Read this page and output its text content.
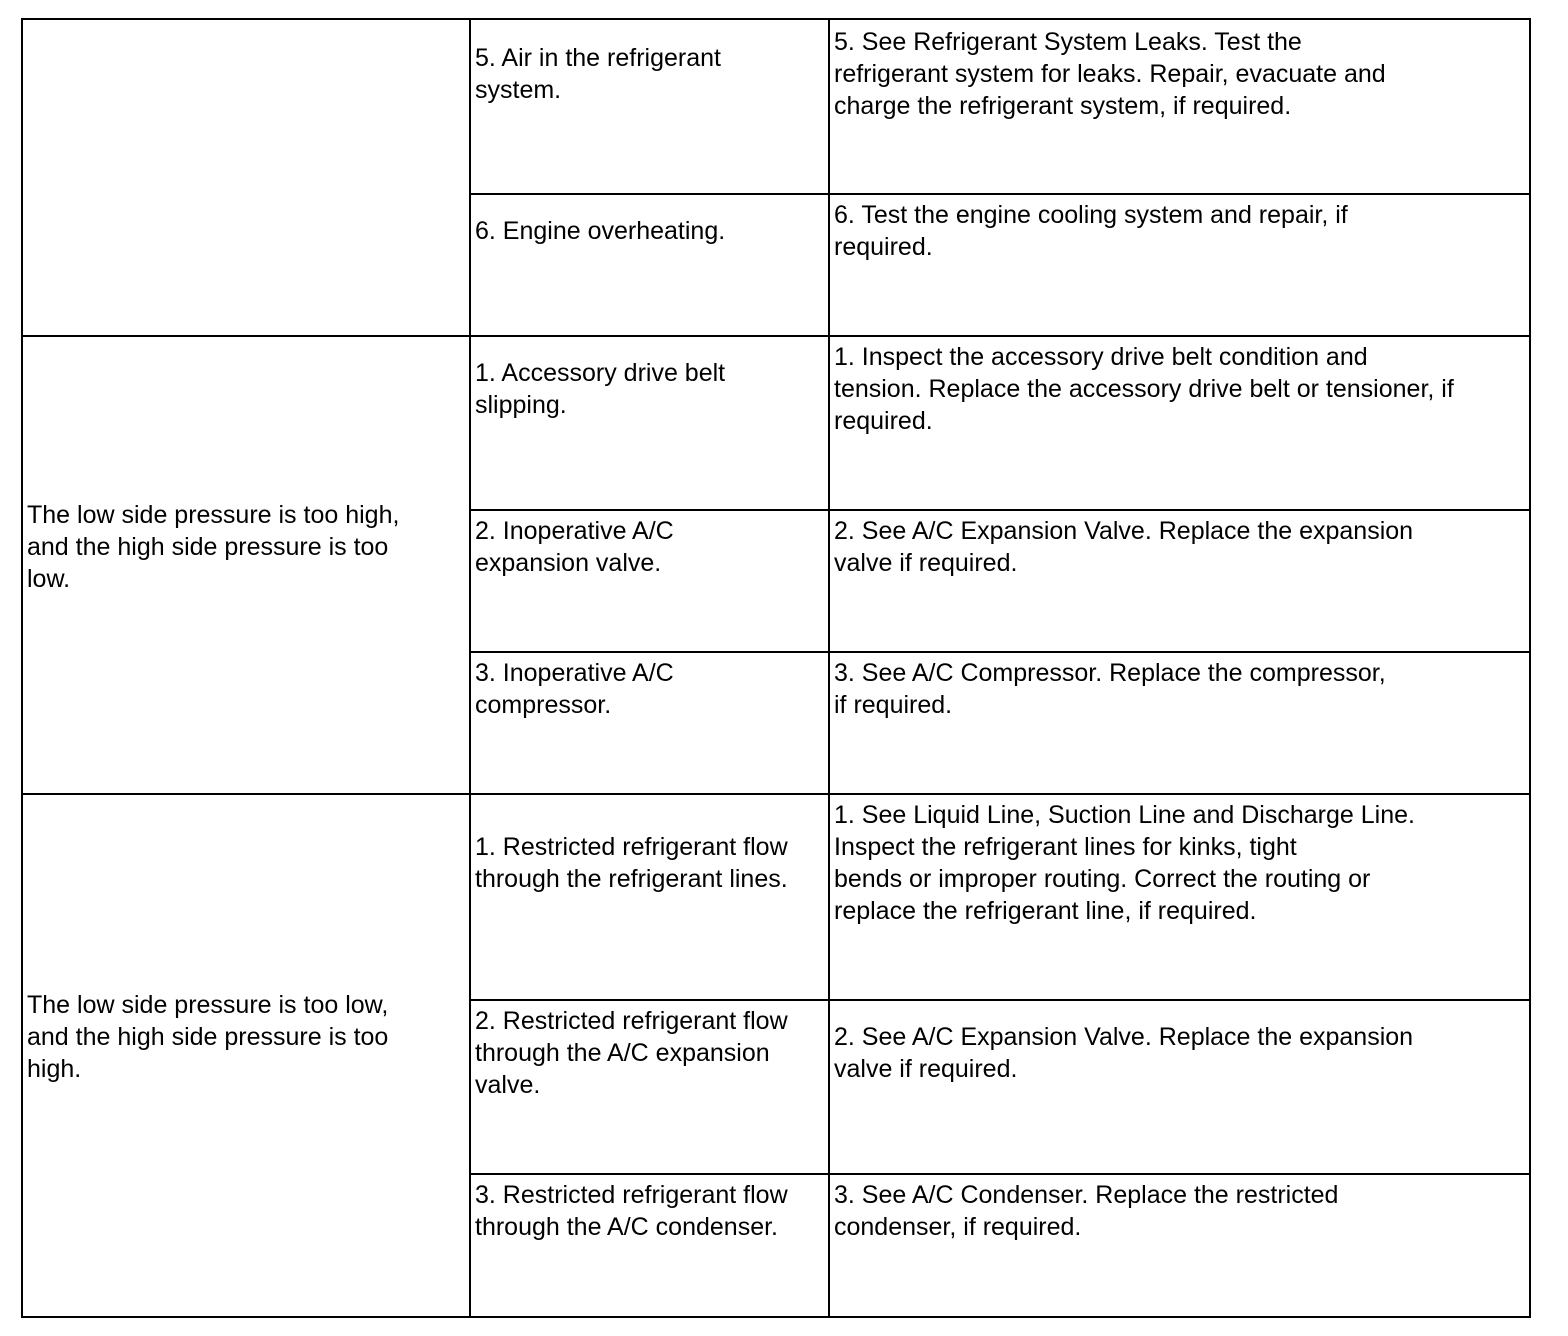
	5. Air in the refrigerant
system.	5. See Refrigerant System Leaks. Test the
refrigerant system for leaks. Repair, evacuate and
charge the refrigerant system, if required.

	6. Engine overheating.	6. Test the engine cooling system and repair, if
required.

The low side pressure is too high,
and the high side pressure is too
low.	1. Accessory drive belt
slipping.	1. Inspect the accessory drive belt condition and
tension. Replace the accessory drive belt or tensioner, if
required.

	2. Inoperative A/C
expansion valve.	2. See A/C Expansion Valve. Replace the expansion
valve if required.

	3. Inoperative A/C
compressor.	3. See A/C Compressor. Replace the compressor,
if required.

The low side pressure is too low,
and the high side pressure is too
high.	1. Restricted refrigerant flow
through the refrigerant lines.	1. See Liquid Line, Suction Line and Discharge Line.
Inspect the refrigerant lines for kinks, tight
bends or improper routing. Correct the routing or
replace the refrigerant line, if required.

	2. Restricted refrigerant flow
through the A/C expansion
valve.	2. See A/C Expansion Valve. Replace the expansion
valve if required.

	3. Restricted refrigerant flow
through the A/C condenser.	3. See A/C Condenser. Replace the restricted
condenser, if required.
